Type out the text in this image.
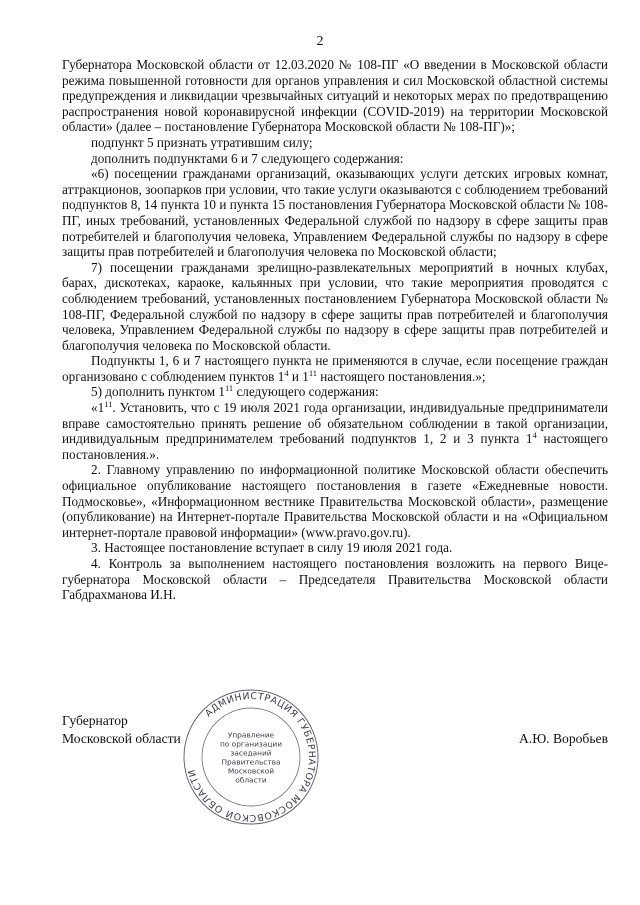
2

Губернатора Московской области от 12.03.2020 № 108-ПГ «О введении в Московской области режима повышенной готовности для органов управления и сил Московской областной системы предупреждения и ликвидации чрезвычайных ситуаций и некоторых мерах по предотвращению распространения новой коронавирусной инфекции (COVID-2019) на территории Московской области» (далее – постановление Губернатора Московской области № 108-ПГ)»;

подпункт 5 признать утратившим силу;

дополнить подпунктами 6 и 7 следующего содержания:

«6) посещении гражданами организаций, оказывающих услуги детских игровых комнат, аттракционов, зоопарков при условии, что такие услуги оказываются с соблюдением требований подпунктов 8, 14 пункта 10 и пункта 15 постановления Губернатора Московской области № 108-ПГ, иных требований, установленных Федеральной службой по надзору в сфере защиты прав потребителей и благополучия человека, Управлением Федеральной службы по надзору в сфере защиты прав потребителей и благополучия человека по Московской области;

7) посещении гражданами зрелищно-развлекательных мероприятий в ночных клубах, барах, дискотеках, караоке, кальянных при условии, что такие мероприятия проводятся с соблюдением требований, установленных постановлением Губернатора Московской области № 108-ПГ, Федеральной службой по надзору в сфере защиты прав потребителей и благополучия человека, Управлением Федеральной службы по надзору в сфере защиты прав потребителей и благополучия человека по Московской области.

Подпункты 1, 6 и 7 настоящего пункта не применяются в случае, если посещение граждан организовано с соблюдением пунктов $1^4$ и $1^{11}$ настоящего постановления.»;

5) дополнить пунктом $1^{11}$ следующего содержания:

«$1^{11}$. Установить, что с 19 июля 2021 года организации, индивидуальные предприниматели вправе самостоятельно принять решение об обязательном соблюдении в такой организации, индивидуальным предпринимателем требований подпунктов 1, 2 и 3 пункта $1^4$ настоящего постановления.».

2. Главному управлению по информационной политике Московской области обеспечить официальное опубликование настоящего постановления в газете «Ежедневные новости. Подмосковье», «Информационном вестнике Правительства Московской области», размещение (опубликование) на Интернет-портале Правительства Московской области и на «Официальном интернет-портале правовой информации» (www.pravo.gov.ru).

3. Настоящее постановление вступает в силу 19 июля 2021 года.

4. Контроль за выполнением настоящего постановления возложить на первого Вице-губернатора Московской области – Председателя Правительства Московской области Габдрахманова И.Н.

Губернатор
Московской области	А.Ю. Воробьев
АДМИНИСТРАЦИЯ ГУБЕРНАТОРА МОСКОВСКОЙ ОБЛАСТИ
Управление
по организации
заседаний
Правительства
Московской
области
